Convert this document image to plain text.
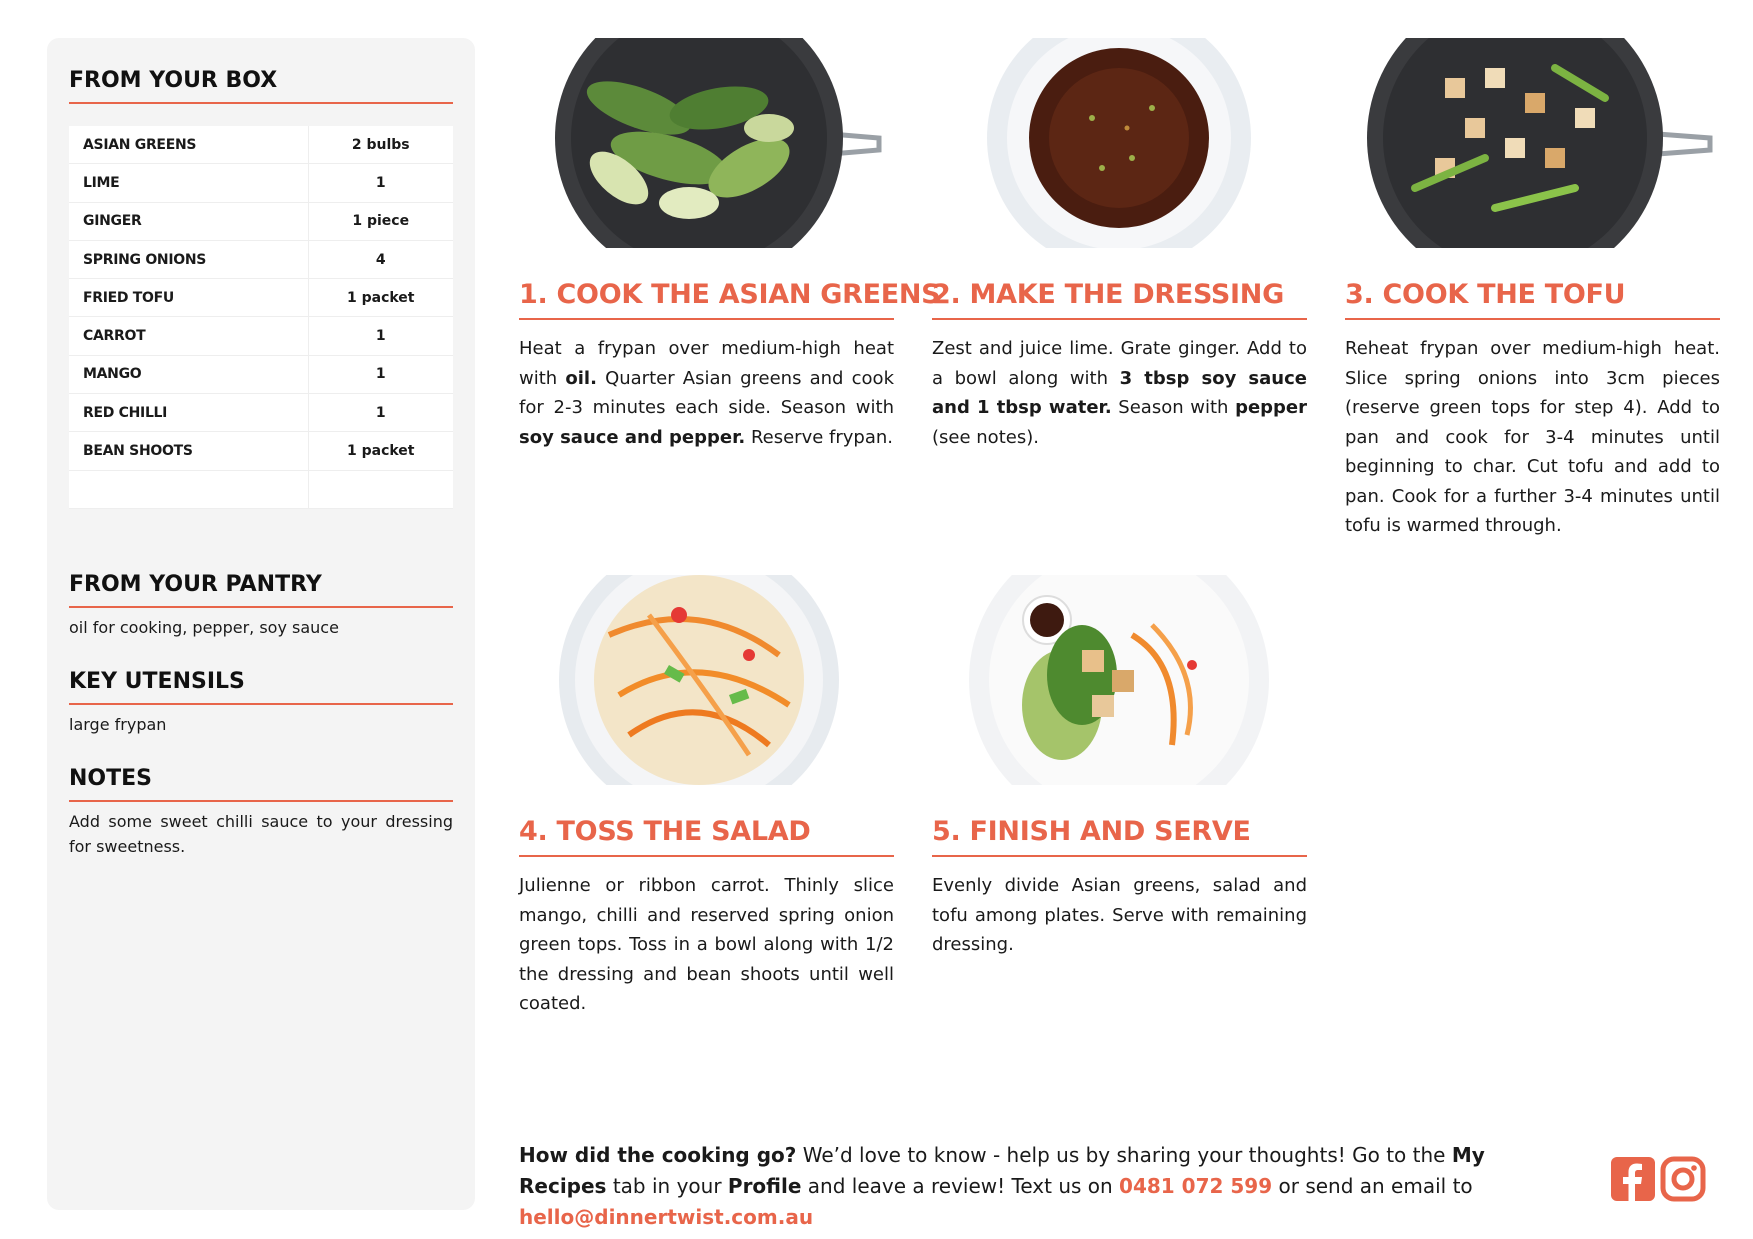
FROM YOUR BOX
ASIAN GREENS	2 bulbs
LIME	1
GINGER	1 piece
SPRING ONIONS	4
FRIED TOFU	1 packet
CARROT	1
MANGO	1
RED CHILLI	1
BEAN SHOOTS	1 packet

FROM YOUR PANTRY
oil for cooking, pepper, soy sauce
KEY UTENSILS
large frypan
NOTES
Add some sweet chilli sauce to your dressing for sweetness.
1. COOK THE ASIAN GREENS
Heat a frypan over medium-high heat with oil. Quarter Asian greens and cook for 2-3 minutes each side. Season with soy sauce and pepper. Reserve frypan.
2. MAKE THE DRESSING
Zest and juice lime. Grate ginger. Add to a bowl along with 3 tbsp soy sauce and 1 tbsp water. Season with pepper (see notes).
3. COOK THE TOFU
Reheat frypan over medium-high heat. Slice spring onions into 3cm pieces (reserve green tops for step 4). Add to pan and cook for 3-4 minutes until beginning to char. Cut tofu and add to pan. Cook for a further 3-4 minutes until tofu is warmed through.
4. TOSS THE SALAD
Julienne or ribbon carrot. Thinly slice mango, chilli and reserved spring onion green tops. Toss in a bowl along with 1/2 the dressing and bean shoots until well coated.
5. FINISH AND SERVE
Evenly divide Asian greens, salad and tofu among plates. Serve with remaining dressing.
How did the cooking go? We’d love to know - help us by sharing your thoughts! Go to the My Recipes tab in your Profile and leave a review! Text us on 0481 072 599 or send an email to hello@dinnertwist.com.au
